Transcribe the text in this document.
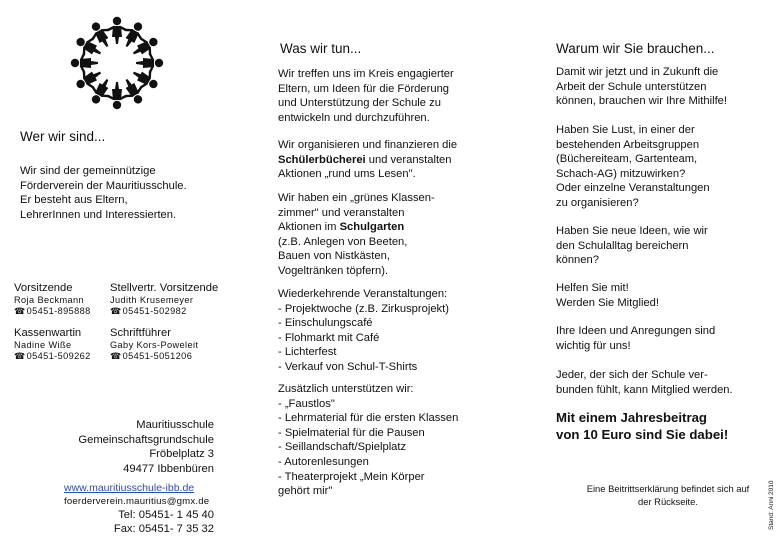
Wer wir sind...
Wir sind der gemeinnützige
Förderverein der Mauritiusschule.
Er besteht aus Eltern,
LehrerInnen und Interessierten.
Vorsitzende
Roja Beckmann
☎ 05451-895888
Stellvertr. Vorsitzende
Judith Krusemeyer
☎ 05451-502982
Kassenwartin
Nadine Wiße
☎ 05451-509262
Schriftführer
Gaby Kors-Poweleit
☎ 05451-5051206
Mauritiusschule
Gemeinschaftsgrundschule
Fröbelplatz 3
49477 Ibbenbüren
www.mauritiusschule-ibb.de
foerderverein.mauritius@gmx.de
Tel: 05451- 1 45 40
Fax: 05451- 7 35 32
Was wir tun...
Wir treffen uns im Kreis engagierter
Eltern, um Ideen für die Förderung
und Unterstützung der Schule zu
entwickeln und durchzuführen.
Wir organisieren und finanzieren die
Schülerbücherei und veranstalten
Aktionen „rund ums Lesen".
Wir haben ein „grünes Klassen-
zimmer" und veranstalten
Aktionen im Schulgarten
(z.B. Anlegen von Beeten,
Bauen von Nistkästen,
Vogeltränken töpfern).
Wiederkehrende Veranstaltungen:
- Projektwoche (z.B. Zirkusprojekt)
- Einschulungscafé
- Flohmarkt mit Café
- Lichterfest
- Verkauf von Schul-T-Shirts
Zusätzlich unterstützen wir:
- „Faustlos"
- Lehrmaterial für die ersten Klassen
- Spielmaterial für die Pausen
- Seillandschaft/Spielplatz
- Autorenlesungen
- Theaterprojekt „Mein Körper
gehört mir"
Warum wir Sie brauchen...
Damit wir jetzt und in Zukunft die
Arbeit der Schule unterstützen
können, brauchen wir Ihre Mithilfe!
Haben Sie Lust, in einer der
bestehenden Arbeitsgruppen
(Büchereiteam, Gartenteam,
Schach-AG) mitzuwirken?
Oder einzelne Veranstaltungen
zu organisieren?
Haben Sie neue Ideen, wie wir
den Schulalltag bereichern
können?
Helfen Sie mit!
Werden Sie Mitglied!
Ihre Ideen und Anregungen sind
wichtig für uns!
Jeder, der sich der Schule ver-
bunden fühlt, kann Mitglied werden.
Mit einem Jahresbeitrag
von 10 Euro sind Sie dabei!
Eine Beitrittserklärung befindet sich auf
der Rückseite.	Stand: Anni 2010
